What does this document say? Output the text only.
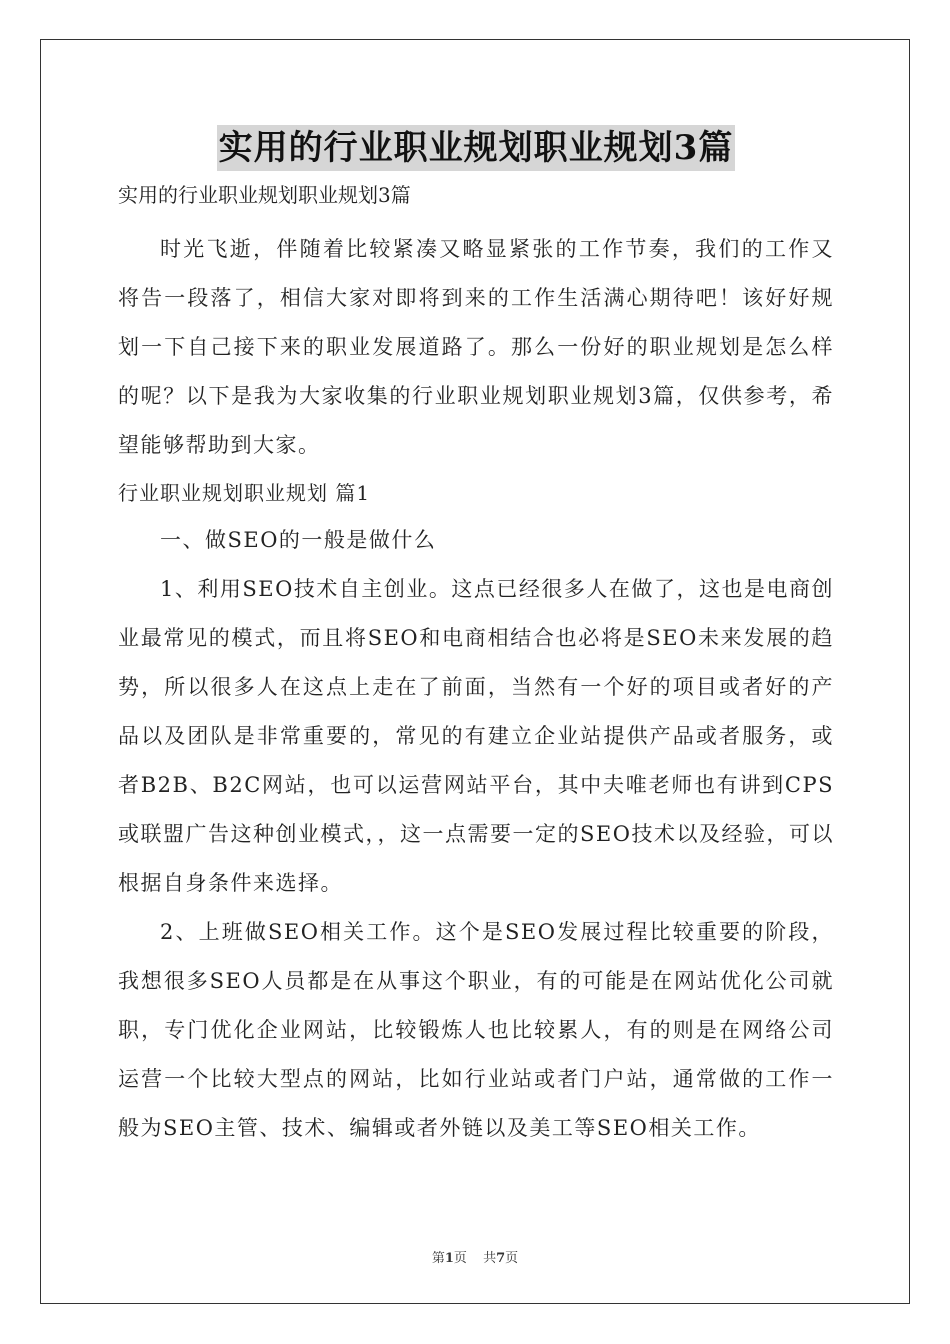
实用的行业职业规划职业规划3篇

实用的行业职业规划职业规划3篇

时光飞逝，伴随着比较紧凑又略显紧张的工作节奏，我们的工作又将告一段落了，相信大家对即将到来的工作生活满心期待吧！该好好规划一下自己接下来的职业发展道路了。那么一份好的职业规划是怎么样的呢？以下是我为大家收集的行业职业规划职业规划3篇，仅供参考，希望能够帮助到大家。

行业职业规划职业规划 篇1

一、做SEO的一般是做什么

1、利用SEO技术自主创业。这点已经很多人在做了，这也是电商创业最常见的模式，而且将SEO和电商相结合也必将是SEO未来发展的趋势，所以很多人在这点上走在了前面，当然有一个好的项目或者好的产品以及团队是非常重要的，常见的有建立企业站提供产品或者服务，或者B2B、B2C网站，也可以运营网站平台，其中夫唯老师也有讲到CPS或联盟广告这种创业模式，，这一点需要一定的SEO技术以及经验，可以根据自身条件来选择。

2、上班做SEO相关工作。这个是SEO发展过程比较重要的阶段，我想很多SEO人员都是在从事这个职业，有的可能是在网站优化公司就职，专门优化企业网站，比较锻炼人也比较累人，有的则是在网络公司运营一个比较大型点的网站，比如行业站或者门户站，通常做的工作一般为SEO主管、技术、编辑或者外链以及美工等SEO相关工作。

第1页 共7页
